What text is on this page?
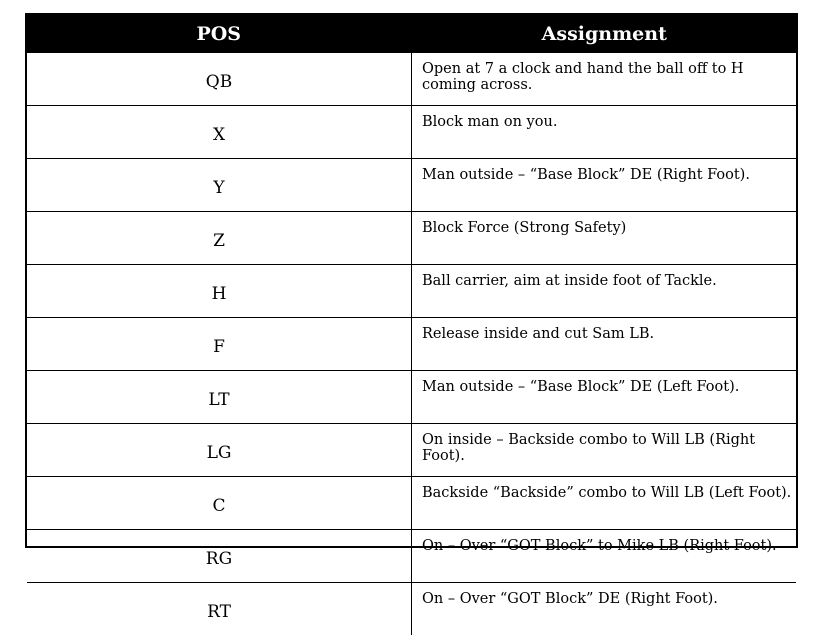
POS	Assignment
QB	Open at 7 a clock and hand the ball off to H coming across.
X	Block man on you.
Y	Man outside – “Base Block” DE (Right Foot).
Z	Block Force (Strong Safety)
H	Ball carrier, aim at inside foot of Tackle.
F	Release inside and cut Sam LB.
LT	Man outside – “Base Block” DE (Left Foot).
LG	On inside – Backside combo to Will LB (Right Foot).
C	Backside “Backside” combo to Will LB (Left Foot).
RG	On – Over “GOT Block” to Mike LB (Right Foot).
RT	On – Over “GOT Block” DE (Right Foot).
